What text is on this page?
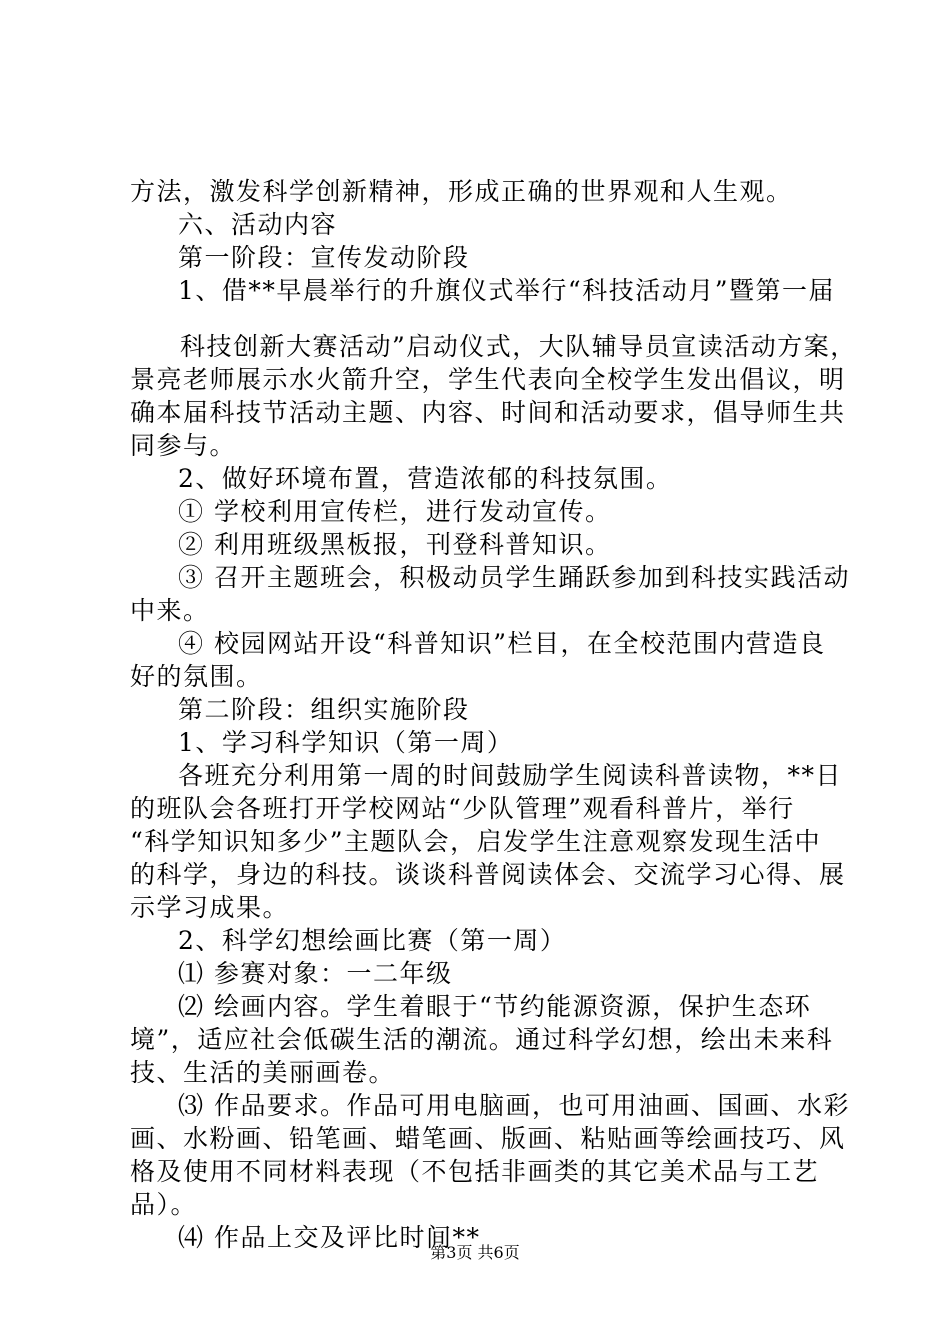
方法，激发科学创新精神，形成正确的世界观和人生观。
六、活动内容
第一阶段：宣传发动阶段
1、借**早晨举行的升旗仪式举行“科技活动月”暨第一届
科技创新大赛活动”启动仪式，大队辅导员宣读活动方案，
景亮老师展示水火箭升空，学生代表向全校学生发出倡议，明
确本届科技节活动主题、内容、时间和活动要求，倡导师生共
同参与。
2、做好环境布置，营造浓郁的科技氛围。
① 学校利用宣传栏，进行发动宣传。
② 利用班级黑板报，刊登科普知识。
③ 召开主题班会，积极动员学生踊跃参加到科技实践活动
中来。
④ 校园网站开设“科普知识”栏目，在全校范围内营造良
好的氛围。
第二阶段：组织实施阶段
1、学习科学知识（第一周）
各班充分利用第一周的时间鼓励学生阅读科普读物，**日
的班队会各班打开学校网站“少队管理”观看科普片，举行
“科学知识知多少”主题队会，启发学生注意观察发现生活中
的科学，身边的科技。谈谈科普阅读体会、交流学习心得、展
示学习成果。
2、科学幻想绘画比赛（第一周）
⑴ 参赛对象：一二年级
⑵ 绘画内容。学生着眼于“节约能源资源，保护生态环
境”，适应社会低碳生活的潮流。通过科学幻想，绘出未来科
技、生活的美丽画卷。
⑶ 作品要求。作品可用电脑画，也可用油画、国画、水彩
画、水粉画、铅笔画、蜡笔画、版画、粘贴画等绘画技巧、风
格及使用不同材料表现（不包括非画类的其它美术品与工艺
品）。
⑷ 作品上交及评比时间**
第3页 共6页
